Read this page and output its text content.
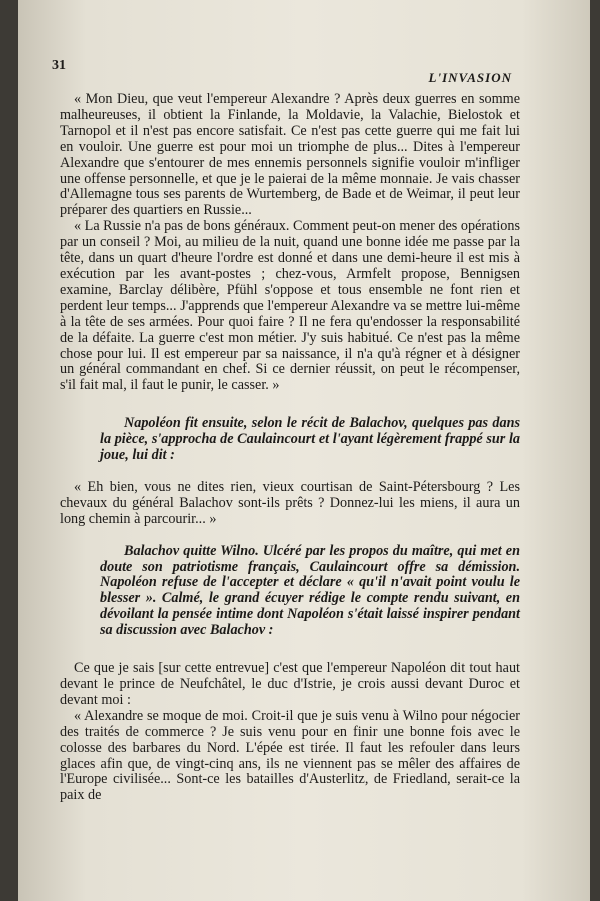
31
L'INVASION

« Mon Dieu, que veut l'empereur Alexandre ? Après deux guerres en somme malheureuses, il obtient la Finlande, la Moldavie, la Valachie, Bielostok et Tarnopol et il n'est pas encore satisfait. Ce n'est pas cette guerre qui me fait lui en vouloir. Une guerre est pour moi un triomphe de plus... Dites à l'empereur Alexandre que s'entourer de mes ennemis personnels signifie vouloir m'infliger une offense personnelle, et que je le paierai de la même monnaie. Je vais chasser d'Allemagne tous ses parents de Wurtemberg, de Bade et de Weimar, il peut leur préparer des quartiers en Russie...

« La Russie n'a pas de bons généraux. Comment peut-on mener des opérations par un conseil ? Moi, au milieu de la nuit, quand une bonne idée me passe par la tête, dans un quart d'heure l'ordre est donné et dans une demi-heure il est mis à exécution par les avant-postes ; chez-vous, Armfelt propose, Bennigsen examine, Barclay délibère, Pfühl s'oppose et tous ensemble ne font rien et perdent leur temps... J'apprends que l'empereur Alexandre va se mettre lui-même à la tête de ses armées. Pour quoi faire ? Il ne fera qu'endosser la responsabilité de la défaite. La guerre c'est mon métier. J'y suis habitué. Ce n'est pas la même chose pour lui. Il est empereur par sa naissance, il n'a qu'à régner et à désigner un général commandant en chef. Si ce dernier réussit, on peut le récompenser, s'il fait mal, il faut le punir, le casser. »

Napoléon fit ensuite, selon le récit de Balachov, quelques pas dans la pièce, s'approcha de Caulaincourt et l'ayant légèrement frappé sur la joue, lui dit :

« Eh bien, vous ne dites rien, vieux courtisan de Saint-Pétersbourg ? Les chevaux du général Balachov sont-ils prêts ? Donnez-lui les miens, il aura un long chemin à parcourir... »

Balachov quitte Wilno. Ulcéré par les propos du maître, qui met en doute son patriotisme français, Caulaincourt offre sa démission. Napoléon refuse de l'accepter et déclare « qu'il n'avait point voulu le blesser ». Calmé, le grand écuyer rédige le compte rendu suivant, en dévoilant la pensée intime dont Napoléon s'était laissé inspirer pendant sa discussion avec Balachov :

Ce que je sais [sur cette entrevue] c'est que l'empereur Napoléon dit tout haut devant le prince de Neufchâtel, le duc d'Istrie, je crois aussi devant Duroc et devant moi :

« Alexandre se moque de moi. Croit-il que je suis venu à Wilno pour négocier des traités de commerce ? Je suis venu pour en finir une bonne fois avec le colosse des barbares du Nord. L'épée est tirée. Il faut les refouler dans leurs glaces afin que, de vingt-cinq ans, ils ne viennent pas se mêler des affaires de l'Europe civilisée... Sont-ce les batailles d'Austerlitz, de Friedland, serait-ce la paix de
